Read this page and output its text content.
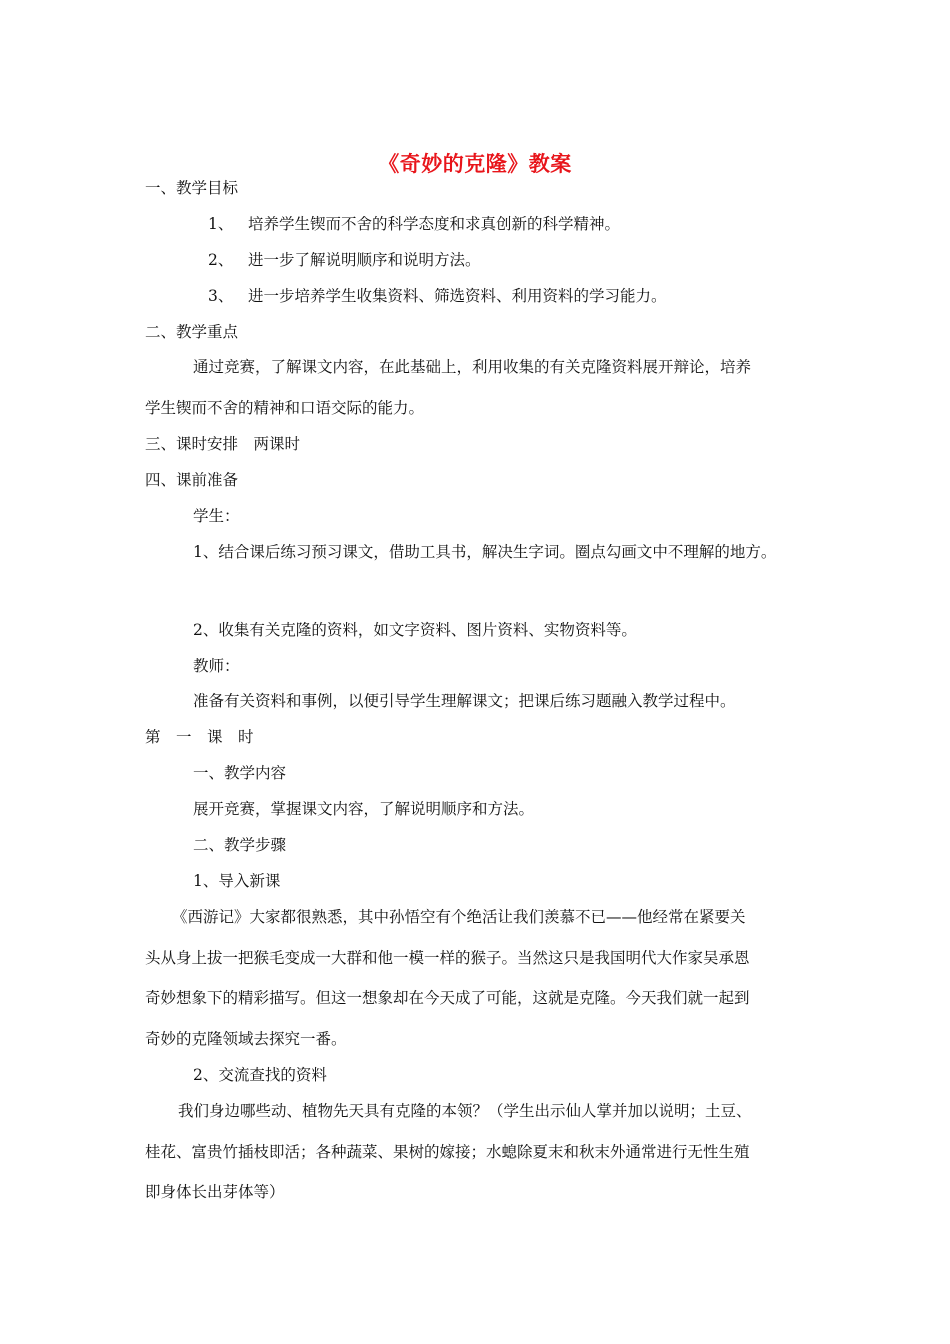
《奇妙的克隆》教案
一、教学目标
1、 培养学生锲而不舍的科学态度和求真创新的科学精神。
2、 进一步了解说明顺序和说明方法。
3、 进一步培养学生收集资料、筛选资料、利用资料的学习能力。
二、教学重点
通过竞赛，了解课文内容，在此基础上，利用收集的有关克隆资料展开辩论，培养
学生锲而不舍的精神和口语交际的能力。
三、课时安排　两课时
四、课前准备
学生：
1、结合课后练习预习课文，借助工具书，解决生字词。圈点勾画文中不理解的地方。
2、收集有关克隆的资料，如文字资料、图片资料、实物资料等。
教师：
准备有关资料和事例，以便引导学生理解课文；把课后练习题融入教学过程中。
第　一　课　时
一、教学内容
展开竞赛，掌握课文内容，了解说明顺序和方法。
二、教学步骤
1、导入新课
《西游记》大家都很熟悉，其中孙悟空有个绝活让我们羡慕不已——他经常在紧要关
头从身上拔一把猴毛变成一大群和他一模一样的猴子。当然这只是我国明代大作家吴承恩
奇妙想象下的精彩描写。但这一想象却在今天成了可能，这就是克隆。今天我们就一起到
奇妙的克隆领域去探究一番。
2、交流查找的资料
我们身边哪些动、植物先天具有克隆的本领？（学生出示仙人掌并加以说明；土豆、
桂花、富贵竹插枝即活；各种蔬菜、果树的嫁接；水螅除夏末和秋末外通常进行无性生殖
即身体长出芽体等）
